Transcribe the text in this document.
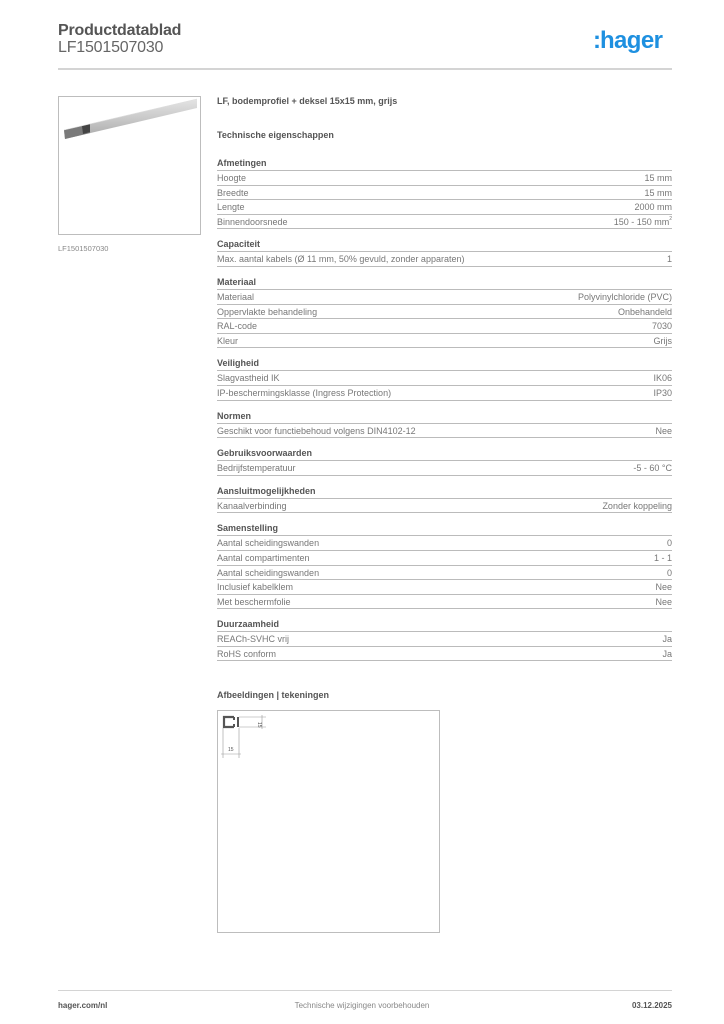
Productdatablad
LF1501507030	:hager
LF1501507030
LF, bodemprofiel + deksel 15x15 mm, grijs
Technische eigenschappen
Afmetingen
Hoogte	15 mm
Breedte	15 mm
Lengte	2000 mm
Binnendoorsnede	150 - 150 $mm^2$
Capaciteit
Max. aantal kabels (Ø 11 mm, 50% gevuld, zonder apparaten)	1
Materiaal
Materiaal	Polyvinylchloride (PVC)
Oppervlakte behandeling	Onbehandeld
RAL-code	7030
Kleur	Grijs
Veiligheid
Slagvastheid IK	IK06
IP-beschermingsklasse (Ingress Protection)	IP30
Normen
Geschikt voor functiebehoud volgens DIN4102-12	Nee
Gebruiksvoorwaarden
Bedrijfstemperatuur	-5 - 60 °C
Aansluitmogelijkheden
Kanaalverbinding	Zonder koppeling
Samenstelling
Aantal scheidingswanden	0
Aantal compartimenten	1 - 1
Aantal scheidingswanden	0
Inclusief kabelklem	Nee
Met beschermfolie	Nee
Duurzaamheid
REACh-SVHC vrij	Ja
RoHS conform	Ja
Afbeeldingen | tekeningen
15
15
hager.com/nl	Technische wijzigingen voorbehouden	03.12.2025
